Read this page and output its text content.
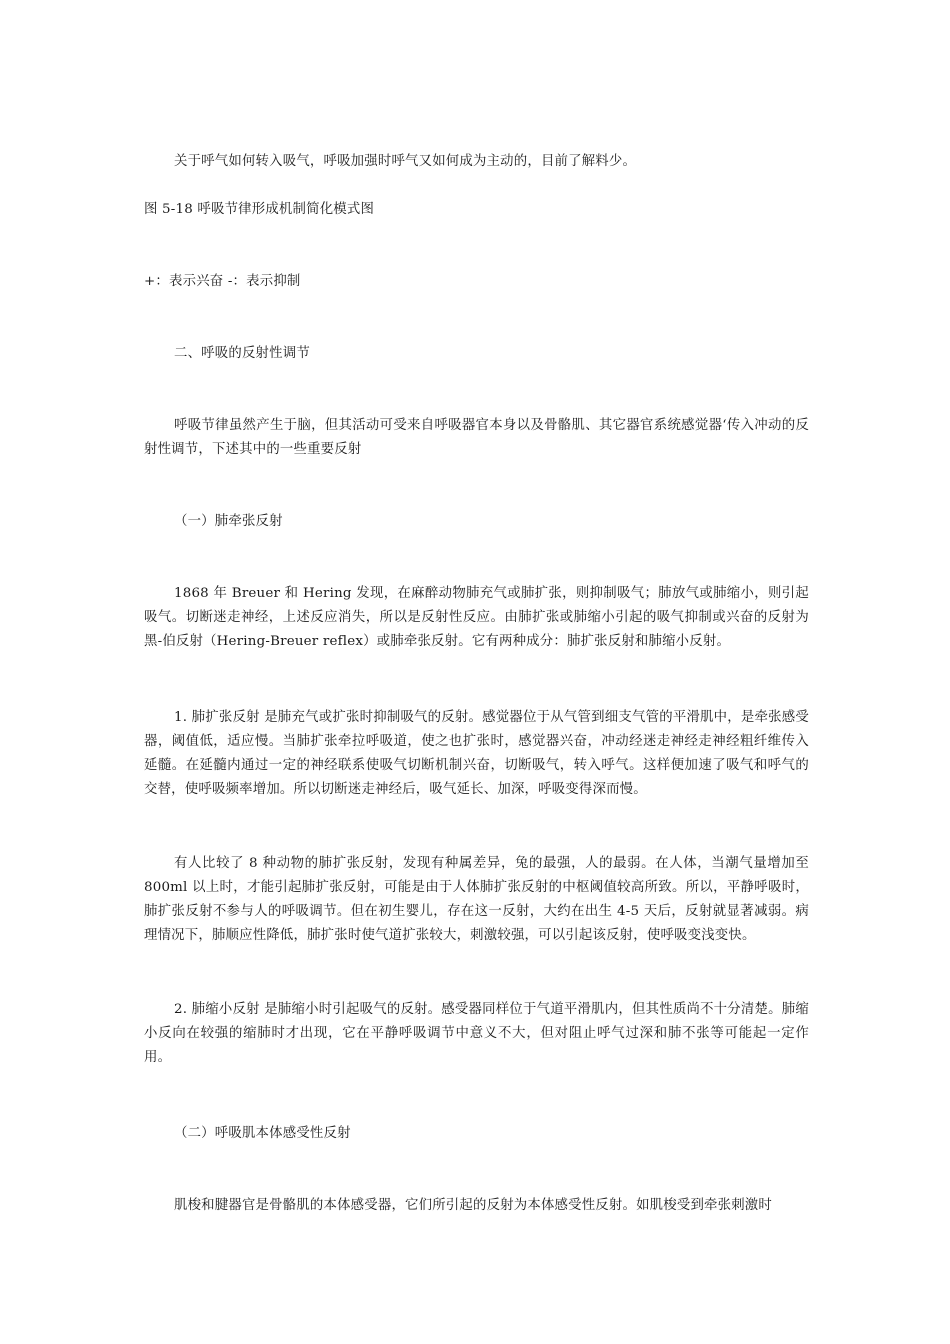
关于呼气如何转入吸气，呼吸加强时呼气又如何成为主动的，目前了解料少。
图 5-18 呼吸节律形成机制简化模式图
+：表示兴奋 -：表示抑制
二、呼吸的反射性调节
呼吸节律虽然产生于脑，但其活动可受来自呼吸器官本身以及骨骼肌、其它器官系统感觉器‘传入冲动的反射性调节，下述其中的一些重要反射
（一）肺牵张反射
1868 年 Breuer 和 Hering 发现，在麻醉动物肺充气或肺扩张，则抑制吸气；肺放气或肺缩小，则引起吸气。切断迷走神经，上述反应消失，所以是反射性反应。由肺扩张或肺缩小引起的吸气抑制或兴奋的反射为黑-伯反射（Hering-Breuer reflex）或肺牵张反射。它有两种成分：肺扩张反射和肺缩小反射。
1. 肺扩张反射 是肺充气或扩张时抑制吸气的反射。感觉器位于从气管到细支气管的平滑肌中，是牵张感受器，阈值低，适应慢。当肺扩张牵拉呼吸道，使之也扩张时，感觉器兴奋，冲动经迷走神经走神经粗纤维传入延髓。在延髓内通过一定的神经联系使吸气切断机制兴奋，切断吸气，转入呼气。这样便加速了吸气和呼气的交替，使呼吸频率增加。所以切断迷走神经后，吸气延长、加深，呼吸变得深而慢。
有人比较了 8 种动物的肺扩张反射，发现有种属差异，兔的最强，人的最弱。在人体，当潮气量增加至 800ml 以上时，才能引起肺扩张反射，可能是由于人体肺扩张反射的中枢阈值较高所致。所以，平静呼吸时，肺扩张反射不参与人的呼吸调节。但在初生婴儿，存在这一反射，大约在出生 4-5 天后，反射就显著减弱。病理情况下，肺顺应性降低，肺扩张时使气道扩张较大，刺激较强，可以引起该反射，使呼吸变浅变快。
2. 肺缩小反射 是肺缩小时引起吸气的反射。感受器同样位于气道平滑肌内，但其性质尚不十分清楚。肺缩小反向在较强的缩肺时才出现，它在平静呼吸调节中意义不大，但对阻止呼气过深和肺不张等可能起一定作用。
（二）呼吸肌本体感受性反射
肌梭和腱器官是骨骼肌的本体感受器，它们所引起的反射为本体感受性反射。如肌梭受到牵张刺激时
